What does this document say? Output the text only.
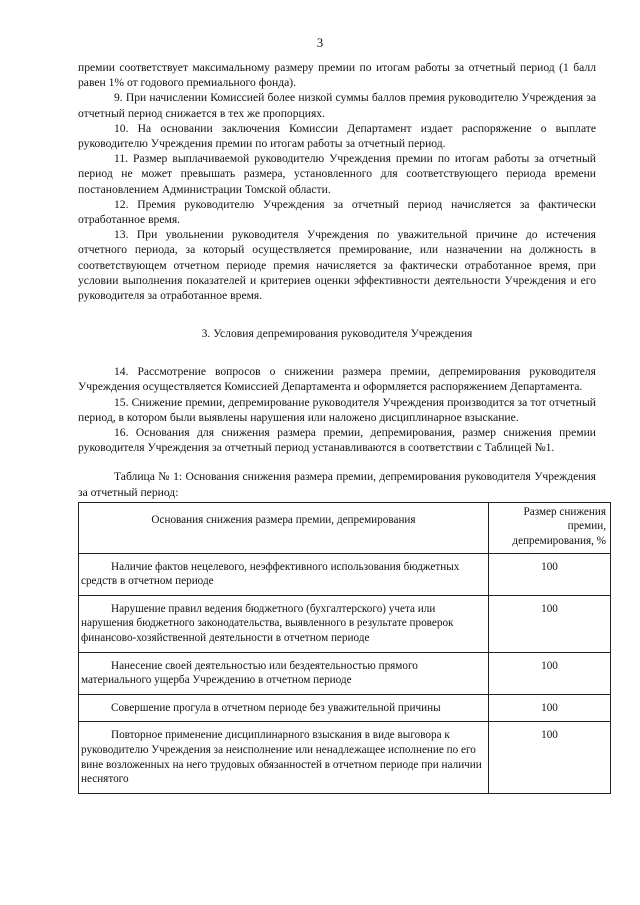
3

премии соответствует максимальному размеру премии по итогам работы за отчетный период (1 балл равен 1% от годового премиального фонда).

9. При начислении Комиссией более низкой суммы баллов премия руководителю Учреждения за отчетный период снижается в тех же пропорциях.

10. На основании заключения Комиссии Департамент издает распоряжение о выплате руководителю Учреждения премии по итогам работы за отчетный период.

11. Размер выплачиваемой руководителю Учреждения премии по итогам работы за отчетный период не может превышать размера, установленного для соответствующего периода времени постановлением Администрации Томской области.

12. Премия руководителю Учреждения за отчетный период начисляется за фактически отработанное время.

13. При увольнении руководителя Учреждения по уважительной причине до истечения отчетного периода, за который осуществляется премирование, или назначении на должность в соответствующем отчетном периоде премия начисляется за фактически отработанное время, при условии выполнения показателей и критериев оценки эффективности деятельности Учреждения и его руководителя за отработанное время.

3. Условия депремирования руководителя Учреждения

14. Рассмотрение вопросов о снижении размера премии, депремирования руководителя Учреждения осуществляется Комиссией Департамента и оформляется распоряжением Департамента.

15. Снижение премии, депремирование руководителя Учреждения производится за тот отчетный период, в котором были выявлены нарушения или наложено дисциплинарное взыскание.

16. Основания для снижения размера премии, депремирования, размер снижения премии руководителя Учреждения за отчетный период устанавливаются в соответствии с Таблицей №1.

Таблица № 1: Основания снижения размера премии, депремирования руководителя Учреждения за отчетный период:

Основания снижения размера премии, депремирования	Размер снижения премии, депремирования, %

Наличие фактов нецелевого, неэффективного использования бюджетных средств в отчетном периоде	100

Нарушение правил ведения бюджетного (бухгалтерского) учета или нарушения бюджетного законодательства, выявленного в результате проверок финансово-хозяйственной деятельности в отчетном периоде	100

Нанесение своей деятельностью или бездеятельностью прямого материального ущерба Учреждению в отчетном периоде	100

Совершение прогула в отчетном периоде без уважительной причины	100

Повторное применение дисциплинарного взыскания в виде выговора к руководителю Учреждения за неисполнение или ненадлежащее исполнение по его вине возложенных на него трудовых обязанностей в отчетном периоде при наличии неснятого	100
